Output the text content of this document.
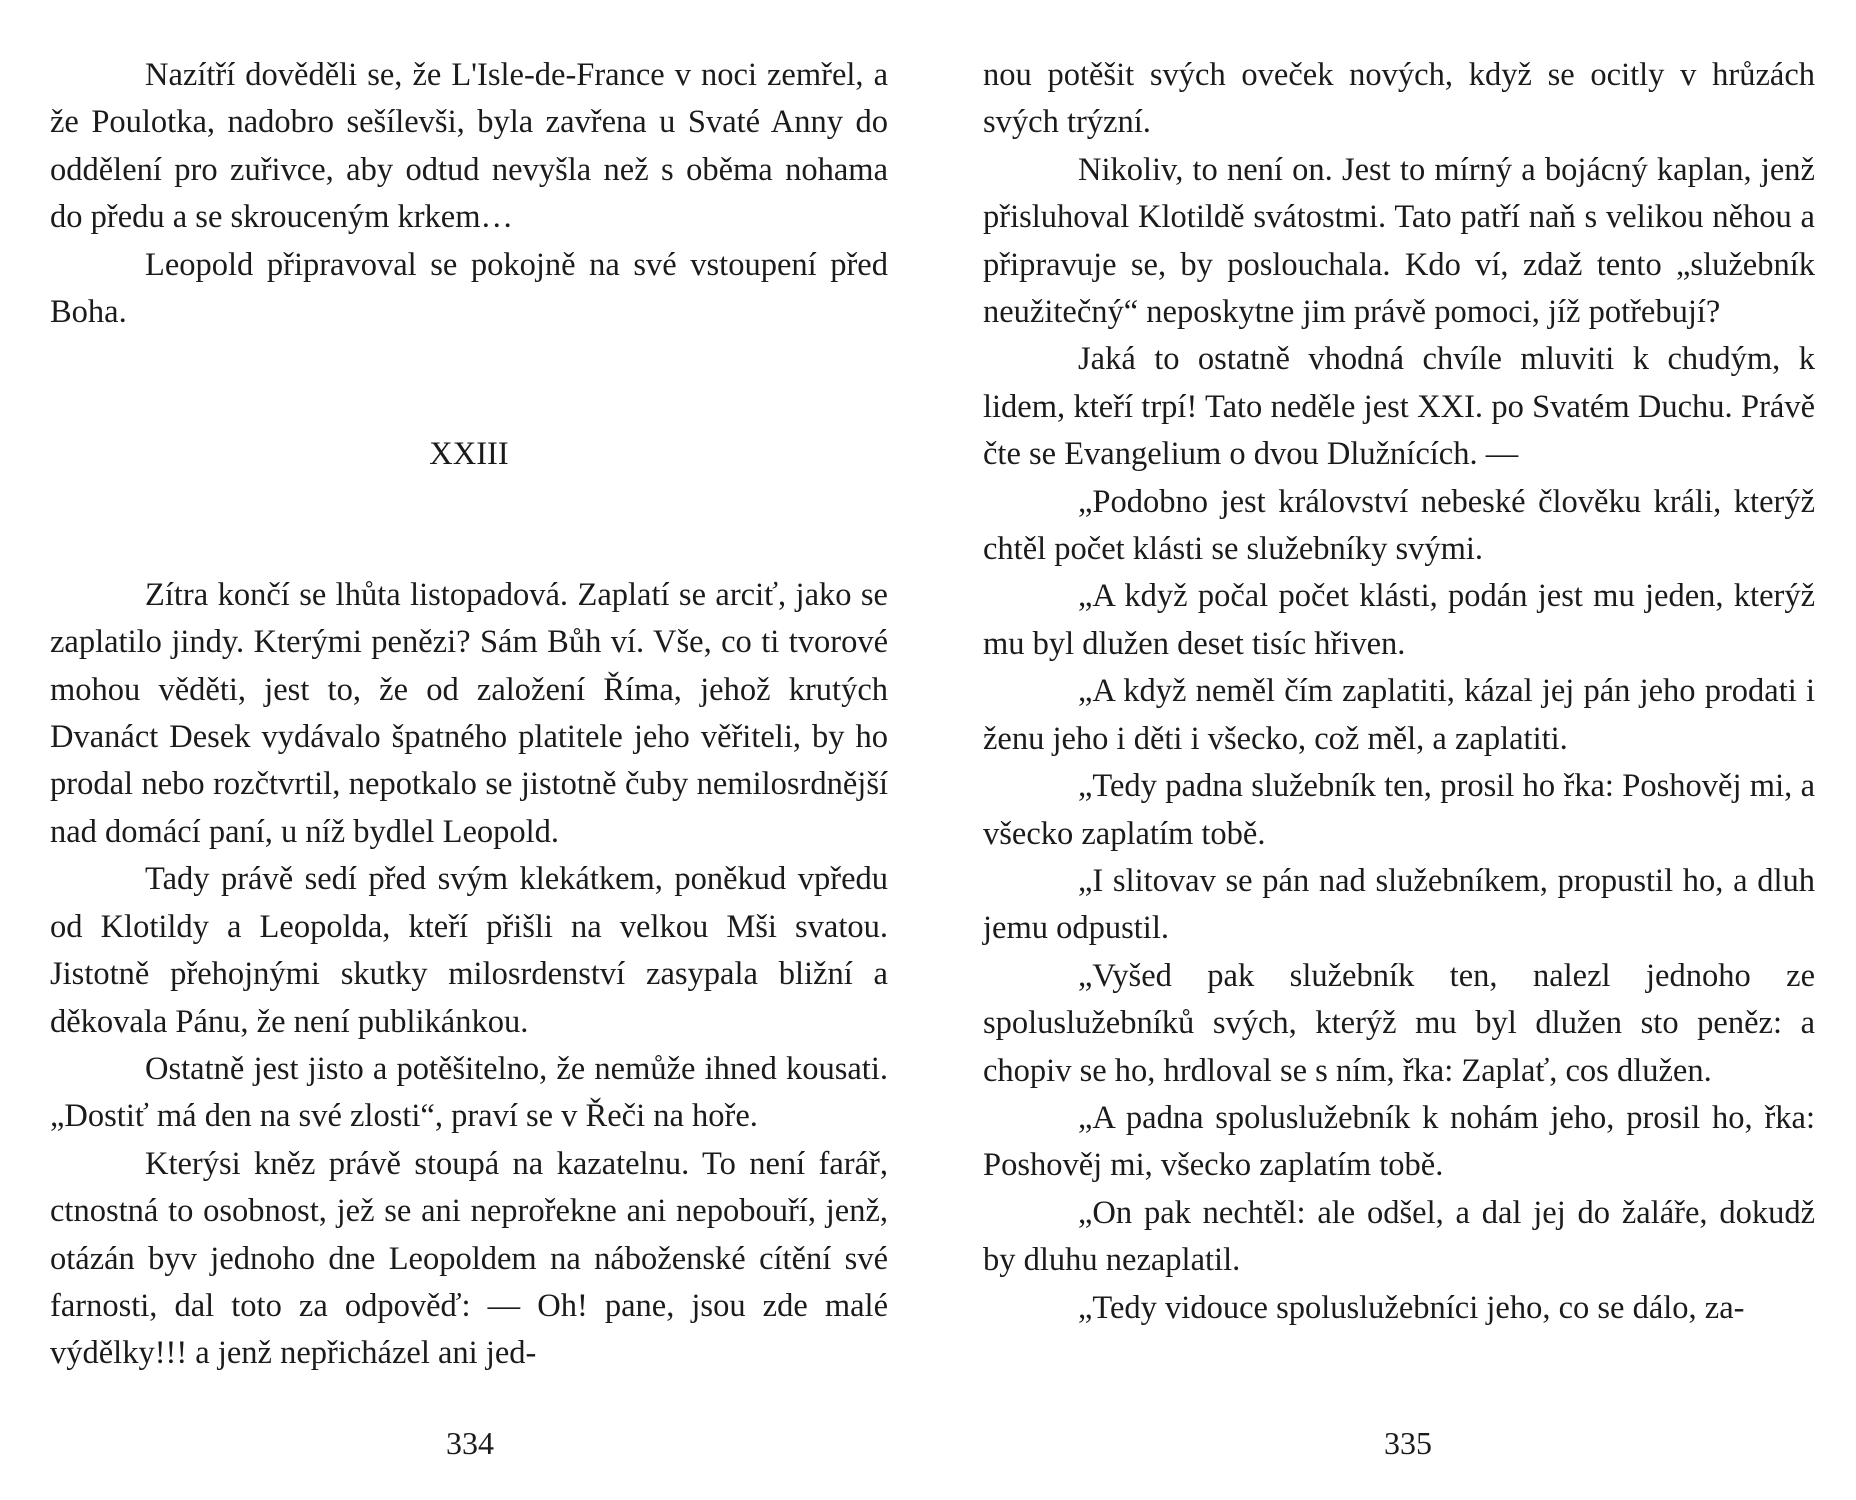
Nazítří dověděli se, že L'Isle-de-France v noci zemřel, a že Poulotka, nadobro sešílevši, byla zavřena u Svaté Anny do oddělení pro zuřivce, aby odtud nevyšla než s oběma nohama do předu a se skrouceným krkem…

Leopold připravoval se pokojně na své vstoupení před Boha.

XXIII

Zítra končí se lhůta listopadová. Zaplatí se arciť, jako se zaplatilo jindy. Kterými penězi? Sám Bůh ví. Vše, co ti tvorové mohou věděti, jest to, že od založení Říma, jehož krutých Dvanáct Desek vydávalo špatného platitele jeho věřiteli, by ho prodal nebo rozčtvrtil, nepotkalo se jistotně čuby nemilosrdnější nad domácí paní, u níž bydlel Leopold.

Tady právě sedí před svým klekátkem, poněkud vpředu od Klotildy a Leopolda, kteří přišli na velkou Mši svatou. Jistotně přehojnými skutky milosrdenství zasypala bližní a děkovala Pánu, že není publikánkou.

Ostatně jest jisto a potěšitelno, že nemůže ihned kousati. „Dostiť má den na své zlosti“, praví se v Řeči na hoře.

Kterýsi kněz právě stoupá na kazatelnu. To není farář, ctnostná to osobnost, jež se ani neprořekne ani nepobouří, jenž, otázán byv jednoho dne Leopoldem na náboženské cítění své farnosti, dal toto za odpověď: — Oh! pane, jsou zde malé výdělky!!! a jenž nepřicházel ani jed-

334

nou potěšit svých oveček nových, když se ocitly v hrůzách svých trýzní.

Nikoliv, to není on. Jest to mírný a bojácný kaplan, jenž přisluhoval Klotildě svátostmi. Tato patří naň s velikou něhou a připravuje se, by poslouchala. Kdo ví, zdaž tento „služebník neužitečný“ neposkytne jim právě pomoci, jíž potřebují?

Jaká to ostatně vhodná chvíle mluviti k chudým, k lidem, kteří trpí! Tato neděle jest XXI. po Svatém Duchu. Právě čte se Evangelium o dvou Dlužnících. —

„Podobno jest království nebeské člověku králi, kterýž chtěl počet klásti se služebníky svými.

„A když počal počet klásti, podán jest mu jeden, kterýž mu byl dlužen deset tisíc hřiven.

„A když neměl čím zaplatiti, kázal jej pán jeho prodati i ženu jeho i děti i všecko, což měl, a zaplatiti.

„Tedy padna služebník ten, prosil ho řka: Poshověj mi, a všecko zaplatím tobě.

„I slitovav se pán nad služebníkem, propustil ho, a dluh jemu odpustil.

„Vyšed pak služebník ten, nalezl jednoho ze spoluslužebníků svých, kterýž mu byl dlužen sto peněz: a chopiv se ho, hrdloval se s ním, řka: Zaplať, cos dlužen.

„A padna spoluslužebník k nohám jeho, prosil ho, řka: Poshověj mi, všecko zaplatím tobě.

„On pak nechtěl: ale odšel, a dal jej do žaláře, dokudž by dluhu nezaplatil.

„Tedy vidouce spoluslužebníci jeho, co se dálo, za-

335
